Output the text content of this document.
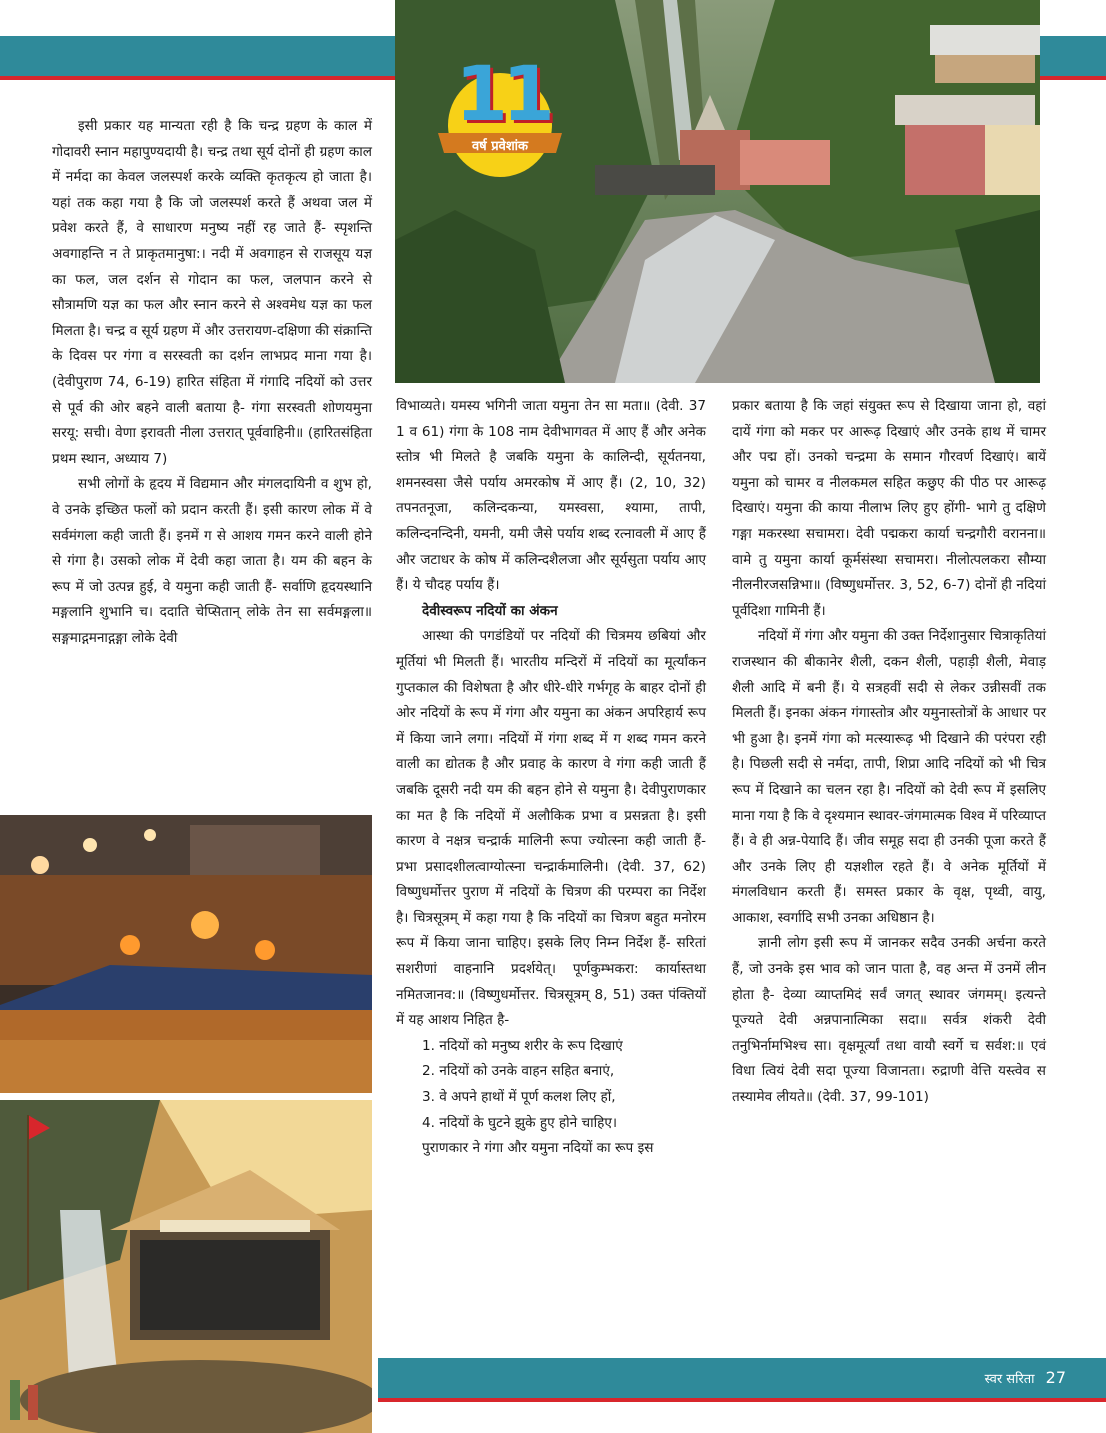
11
वर्ष प्रवेशांक

इसी प्रकार यह मान्यता रही है कि चन्द्र ग्रहण के काल में गोदावरी स्नान महापुण्यदायी है। चन्द्र तथा सूर्य दोनों ही ग्रहण काल में नर्मदा का केवल जलस्पर्श करके व्यक्ति कृतकृत्य हो जाता है। यहां तक कहा गया है कि जो जलस्पर्श करते हैं अथवा जल में प्रवेश करते हैं, वे साधारण मनुष्य नहीं रह जाते हैं- स्पृशन्ति अवगाहन्ति न ते प्राकृतमानुषा:। नदी में अवगाहन से राजसूय यज्ञ का फल, जल दर्शन से गोदान का फल, जलपान करने से सौत्रामणि यज्ञ का फल और स्नान करने से अश्वमेध यज्ञ का फल मिलता है। चन्द्र व सूर्य ग्रहण में और उत्तरायण-दक्षिणा की संक्रान्ति के दिवस पर गंगा व सरस्वती का दर्शन लाभप्रद माना गया है। (देवीपुराण 74, 6-19) हारित संहिता में गंगादि नदियों को उत्तर से पूर्व की ओर बहने वाली बताया है- गंगा सरस्वती शोणयमुना सरयू: सची। वेणा इरावती नीला उत्तरात् पूर्ववाहिनी॥ (हारितसंहिता प्रथम स्थान, अध्याय 7)

सभी लोगों के हृदय में विद्यमान और मंगलदायिनी व शुभ हो, वे उनके इच्छित फलों को प्रदान करती हैं। इसी कारण लोक में वे सर्वमंगला कही जाती हैं। इनमें ग से आशय गमन करने वाली होने से गंगा है। उसको लोक में देवी कहा जाता है। यम की बहन के रूप में जो उत्पन्न हुई, वे यमुना कही जाती हैं- सर्वाणि हृदयस्थानि मङ्गलानि शुभानि च। ददाति चेप्सितान् लोके तेन सा सर्वमङ्गला॥ सङ्गमाद्गमनाद्गङ्गा लोके देवी

विभाव्यते। यमस्य भगिनी जाता यमुना तेन सा मता॥ (देवी. 37 1 व 61) गंगा के 108 नाम देवीभागवत में आए हैं और अनेक स्तोत्र भी मिलते है जबकि यमुना के कालिन्दी, सूर्यतनया, शमनस्वसा जैसे पर्याय अमरकोष में आए हैं। (2, 10, 32) तपनतनूजा, कलिन्दकन्या, यमस्वसा, श्यामा, तापी, कलिन्दनन्दिनी, यमनी, यमी जैसे पर्याय शब्द रत्नावली में आए हैं और जटाधर के कोष में कलिन्दशैलजा और सूर्यसुता पर्याय आए हैं। ये चौदह पर्याय हैं।

देवीस्वरूप नदियों का अंकन

आस्था की पगडंडियों पर नदियों की चित्रमय छबियां और मूर्तियां भी मिलती हैं। भारतीय मन्दिरों में नदियों का मूर्त्यांकन गुप्तकाल की विशेषता है और धीरे-धीरे गर्भगृह के बाहर दोनों ही ओर नदियों के रूप में गंगा और यमुना का अंकन अपरिहार्य रूप में किया जाने लगा। नदियों में गंगा शब्द में ग शब्द गमन करने वाली का द्योतक है और प्रवाह के कारण वे गंगा कही जाती हैं जबकि दूसरी नदी यम की बहन होने से यमुना है। देवीपुराणकार का मत है कि नदियों में अलौकिक प्रभा व प्रसन्नता है। इसी कारण वे नक्षत्र चन्द्रार्क मालिनी रूपा ज्योत्स्ना कही जाती हैं- प्रभा प्रसादशीलत्वाग्योत्स्ना चन्द्रार्कमालिनी। (देवी. 37, 62) विष्णुधर्मोत्तर पुराण में नदियों के चित्रण की परम्परा का निर्देश है। चित्रसूत्रम् में कहा गया है कि नदियों का चित्रण बहुत मनोरम रूप में किया जाना चाहिए। इसके लिए निम्न निर्देश हैं- सरितां सशरीणां वाहनानि प्रदर्शयेत्। पूर्णकुम्भकरा: कार्यास्तथा नमितजानव:॥ (विष्णुधर्मोत्तर. चित्रसूत्रम् 8, 51) उक्त पंक्तियों में यह आशय निहित है-

1. नदियों को मनुष्य शरीर के रूप दिखाएं

2. नदियों को उनके वाहन सहित बनाएं,

3. वे अपने हाथों में पूर्ण कलश लिए हों,

4. नदियों के घुटने झुके हुए होने चाहिए।

पुराणकार ने गंगा और यमुना नदियों का रूप इस

प्रकार बताया है कि जहां संयुक्त रूप से दिखाया जाना हो, वहां दायें गंगा को मकर पर आरूढ़ दिखाएं और उनके हाथ में चामर और पद्म हों। उनको चन्द्रमा के समान गौरवर्ण दिखाएं। बायें यमुना को चामर व नीलकमल सहित कछुए की पीठ पर आरूढ़ दिखाएं। यमुना की काया नीलाभ लिए हुए होंगी- भागे तु दक्षिणे गङ्गा मकरस्था सचामरा। देवी पद्मकरा कार्या चन्द्रगौरी वरानना॥ वामे तु यमुना कार्या कूर्मसंस्था सचामरा। नीलोत्पलकरा सौम्या नीलनीरजसन्निभा॥ (विष्णुधर्मोत्तर. 3, 52, 6-7) दोनों ही नदियां पूर्वदिशा गामिनी हैं।

नदियों में गंगा और यमुना की उक्त निर्देशानुसार चित्राकृतियां राजस्थान की बीकानेर शैली, दकन शैली, पहाड़ी शैली, मेवाड़ शैली आदि में बनी हैं। ये सत्रहवीं सदी से लेकर उन्नीसवीं तक मिलती हैं। इनका अंकन गंगास्तोत्र और यमुनास्तोत्रों के आधार पर भी हुआ है। इनमें गंगा को मत्स्यारूढ़ भी दिखाने की परंपरा रही है। पिछली सदी से नर्मदा, तापी, शिप्रा आदि नदियों को भी चित्र रूप में दिखाने का चलन रहा है। नदियों को देवी रूप में इसलिए माना गया है कि वे दृश्यमान स्थावर-जंगमात्मक विश्व में परिव्याप्त हैं। वे ही अन्न-पेयादि हैं। जीव समूह सदा ही उनकी पूजा करते हैं और उनके लिए ही यज्ञशील रहते हैं। वे अनेक मूर्तियों में मंगलविधान करती हैं। समस्त प्रकार के वृक्ष, पृथ्वी, वायु, आकाश, स्वर्गादि सभी उनका अधिष्ठान है।

ज्ञानी लोग इसी रूप में जानकर सदैव उनकी अर्चना करते हैं, जो उनके इस भाव को जान पाता है, वह अन्त में उनमें लीन होता है- देव्या व्याप्तमिदं सर्वं जगत् स्थावर जंगमम्। इत्यन्ते पूज्यते देवी अन्नपानात्मिका सदा॥ सर्वत्र शंकरी देवी तनुभिर्नामभिश्च सा। वृक्षमूर्त्यां तथा वायौ स्वर्गे च सर्वश:॥ एवं विधा त्वियं देवी सदा पूज्या विजानता। रुद्राणी वेत्ति यस्त्वेव स तस्यामेव लीयते॥ (देवी. 37, 99-101)

स्वर सरिता 27
